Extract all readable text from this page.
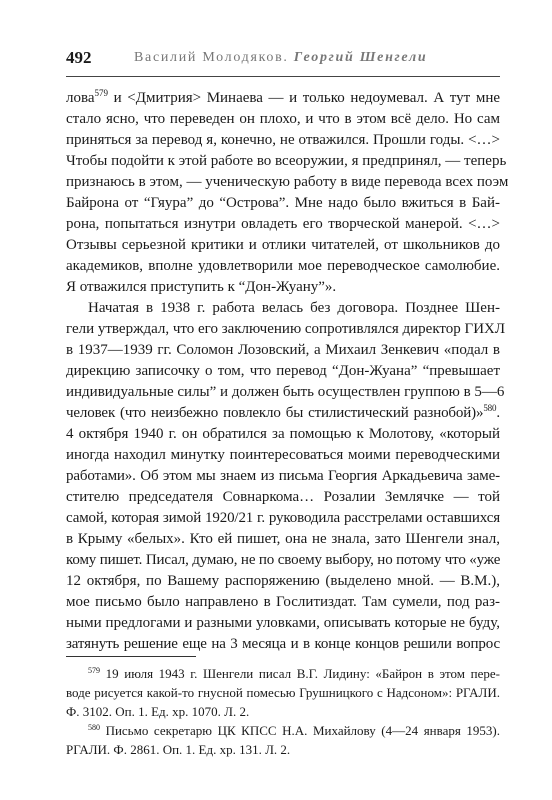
492	Василий Молодяков. Георгий Шенгели
лова$^{579}$ и <Дмитрия> Минаева — и только недоумевал. А тут мне
стало ясно, что переведен он плохо, и что в этом всё дело. Но сам
приняться за перевод я, конечно, не отважился. Прошли годы. <…>
Чтобы подойти к этой работе во всеоружии, я предпринял, — теперь
признаюсь в этом, — ученическую работу в виде перевода всех поэм
Байрона от “Гяура” до “Острова”. Мне надо было вжиться в Бай-
рона, попытаться изнутри овладеть его творческой манерой. <…>
Отзывы серьезной критики и отлики читателей, от школьников до
академиков, вполне удовлетворили мое переводческое самолюбие.
Я отважился приступить к “Дон-Жуану”».
Начатая в 1938 г. работа велась без договора. Позднее Шен-
гели утверждал, что его заключению сопротивлялся директор ГИХЛ
в 1937—1939 гг. Соломон Лозовский, а Михаил Зенкевич «подал в
дирекцию записочку о том, что перевод “Дон-Жуана” “превышает
индивидуальные силы” и должен быть осуществлен группою в 5—6
человек (что неизбежно повлекло бы стилистический разнобой)»$^{580}$.
4 октября 1940 г. он обратился за помощью к Молотову, «который
иногда находил минутку поинтересоваться моими переводческими
работами». Об этом мы знаем из письма Георгия Аркадьевича заме-
стителю председателя Совнаркома… Розалии Землячке — той
самой, которая зимой 1920/21 г. руководила расстрелами оставшихся
в Крыму «белых». Кто ей пишет, она не знала, зато Шенгели знал,
кому пишет. Писал, думаю, не по своему выбору, но потому что «уже
12 октября, по Вашему распоряжению (выделено мной. — В.М.),
мое письмо было направлено в Гослитиздат. Там сумели, под раз-
ными предлогами и разными уловками, описывать которые не буду,
затянуть решение еще на 3 месяца и в конце концов решили вопрос
$^{579}$ 19 июля 1943 г. Шенгели писал В.Г. Лидину: «Байрон в этом пере-
воде рисуется какой-то гнусной помесью Грушницкого с Надсоном»: РГАЛИ.
Ф. 3102. Оп. 1. Ед. хр. 1070. Л. 2.
$^{580}$ Письмо секретарю ЦК КПСС Н.А. Михайлову (4—24 января 1953).
РГАЛИ. Ф. 2861. Оп. 1. Ед. хр. 131. Л. 2.
